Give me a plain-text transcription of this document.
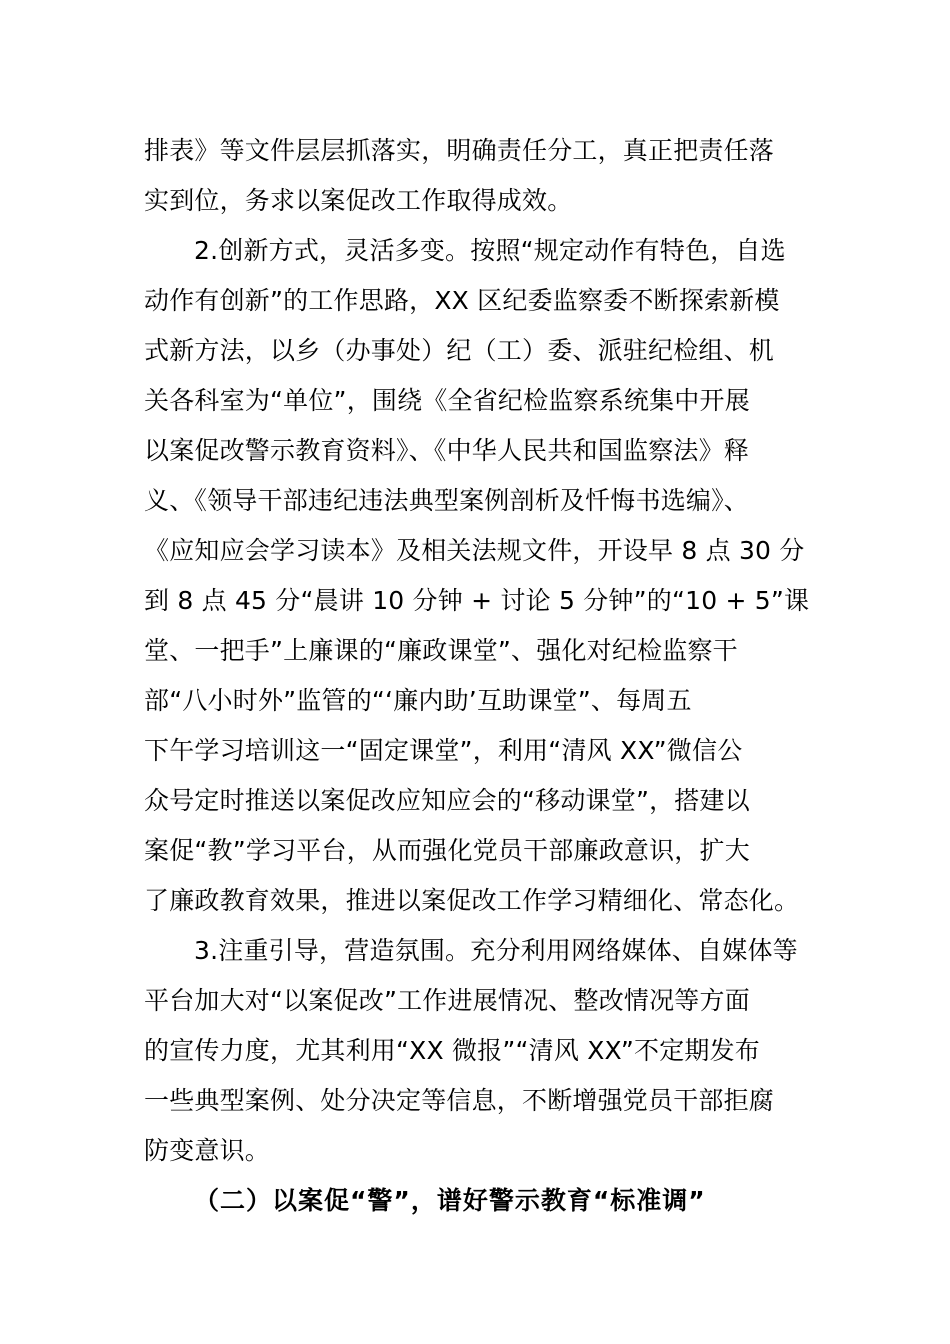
排表》等文件层层抓落实，明确责任分工，真正把责任落
实到位，务求以案促改工作取得成效。
2.创新方式，灵活多变。按照“规定动作有特色，自选
动作有创新”的工作思路，XX 区纪委监察委不断探索新模
式新方法，以乡（办事处）纪（工）委、派驻纪检组、机
关各科室为“单位”，围绕《全省纪检监察系统集中开展
以案促改警示教育资料》、《中华人民共和国监察法》释
义、《领导干部违纪违法典型案例剖析及忏悔书选编》、
《应知应会学习读本》及相关法规文件，开设早 8 点 30 分
到 8 点 45 分“晨讲 10 分钟 + 讨论 5 分钟”的“10 + 5”课
堂、一把手”上廉课的“廉政课堂”、强化对纪检监察干
部“八小时外”监管的“‘廉内助’互助课堂”、每周五
下午学习培训这一“固定课堂”，利用“清风 XX”微信公
众号定时推送以案促改应知应会的“移动课堂”，搭建以
案促“教”学习平台，从而强化党员干部廉政意识，扩大
了廉政教育效果，推进以案促改工作学习精细化、常态化。
3.注重引导，营造氛围。充分利用网络媒体、自媒体等
平台加大对“以案促改”工作进展情况、整改情况等方面
的宣传力度，尤其利用“XX 微报”“清风 XX”不定期发布
一些典型案例、处分决定等信息，不断增强党员干部拒腐
防变意识。
（二）以案促“警”，谱好警示教育“标准调”
